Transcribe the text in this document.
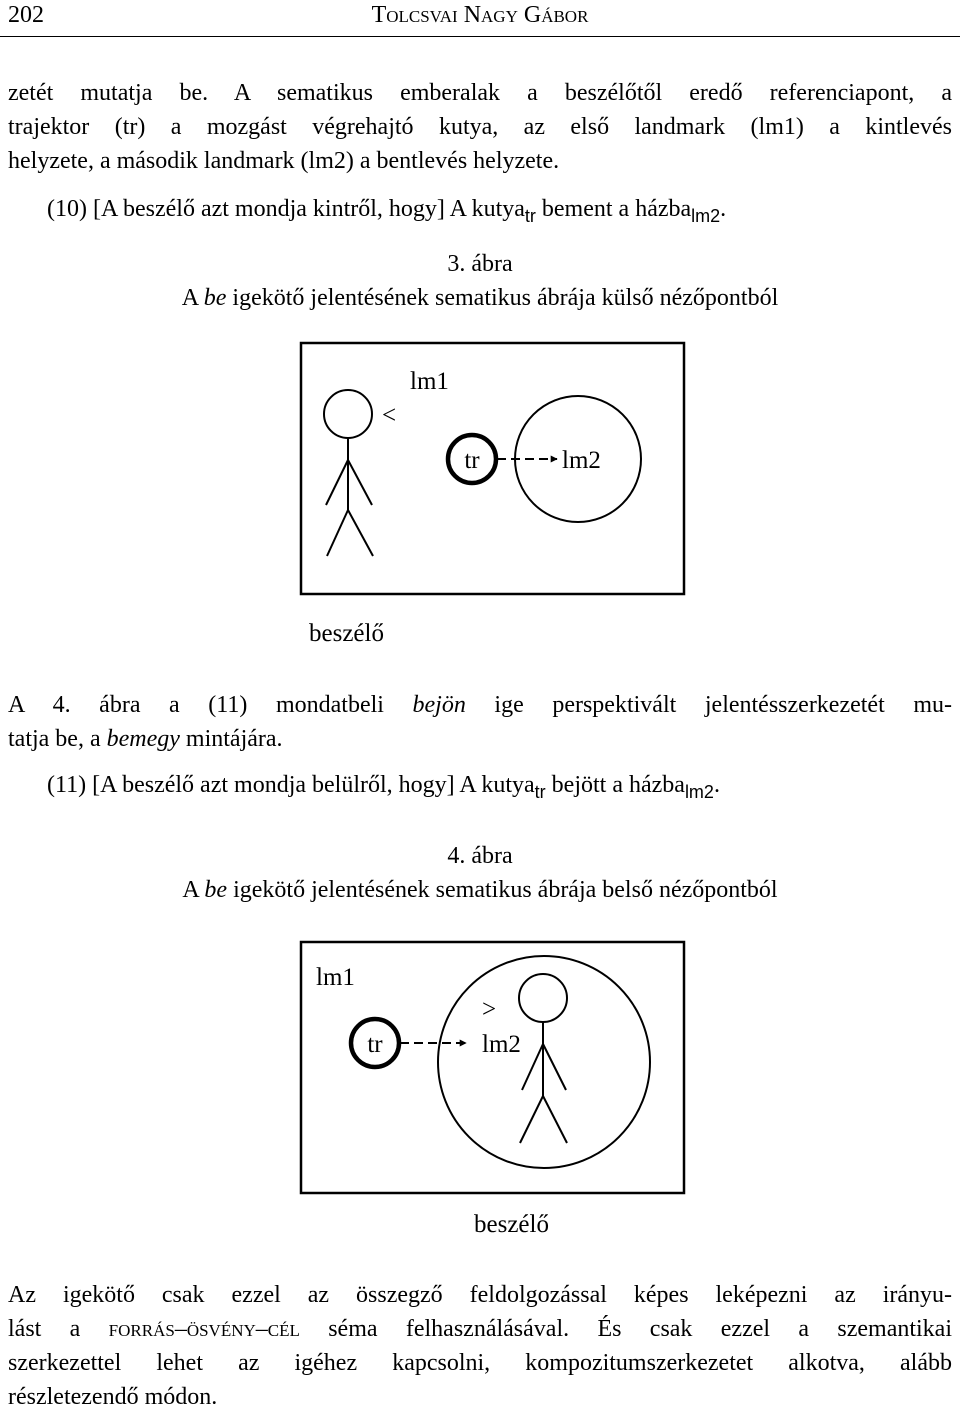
202	Tolcsvai Nagy Gábor
zetét mutatja be. A sematikus emberalak a beszélőtől eredő referenciapont, a
trajektor (tr) a mozgást végrehajtó kutya, az első landmark (lm1) a kintlevés
helyzete, a második landmark (lm2) a bentlevés helyzete.
(10) [A beszélő azt mondja kintről, hogy] A kutya$_{tr}$ bement a házba$_{lm2}$.
3. ábra
A be igekötő jelentésének sematikus ábrája külső nézőpontból
<
lm1
tr	lm2
beszélő
A 4. ábra a (11) mondatbeli bejön ige perspektivált jelentésszerkezetét mu-
tatja be, a bemegy mintájára.
(11) [A beszélő azt mondja belülről, hogy] A kutya$_{tr}$ bejött a házba$_{lm2}$.
4. ábra
A be igekötő jelentésének sematikus ábrája belső nézőpontból
lm1
tr
>
lm2
beszélő
Az igekötő csak ezzel az összegző feldolgozással képes leképezni az irányu-
lást a forrás–ösvény–cél séma felhasználásával. És csak ezzel a szemantikai
szerkezettel lehet az igéhez kapcsolni, kompozitumszerkezetet alkotva, alább
részletezendő módon.
